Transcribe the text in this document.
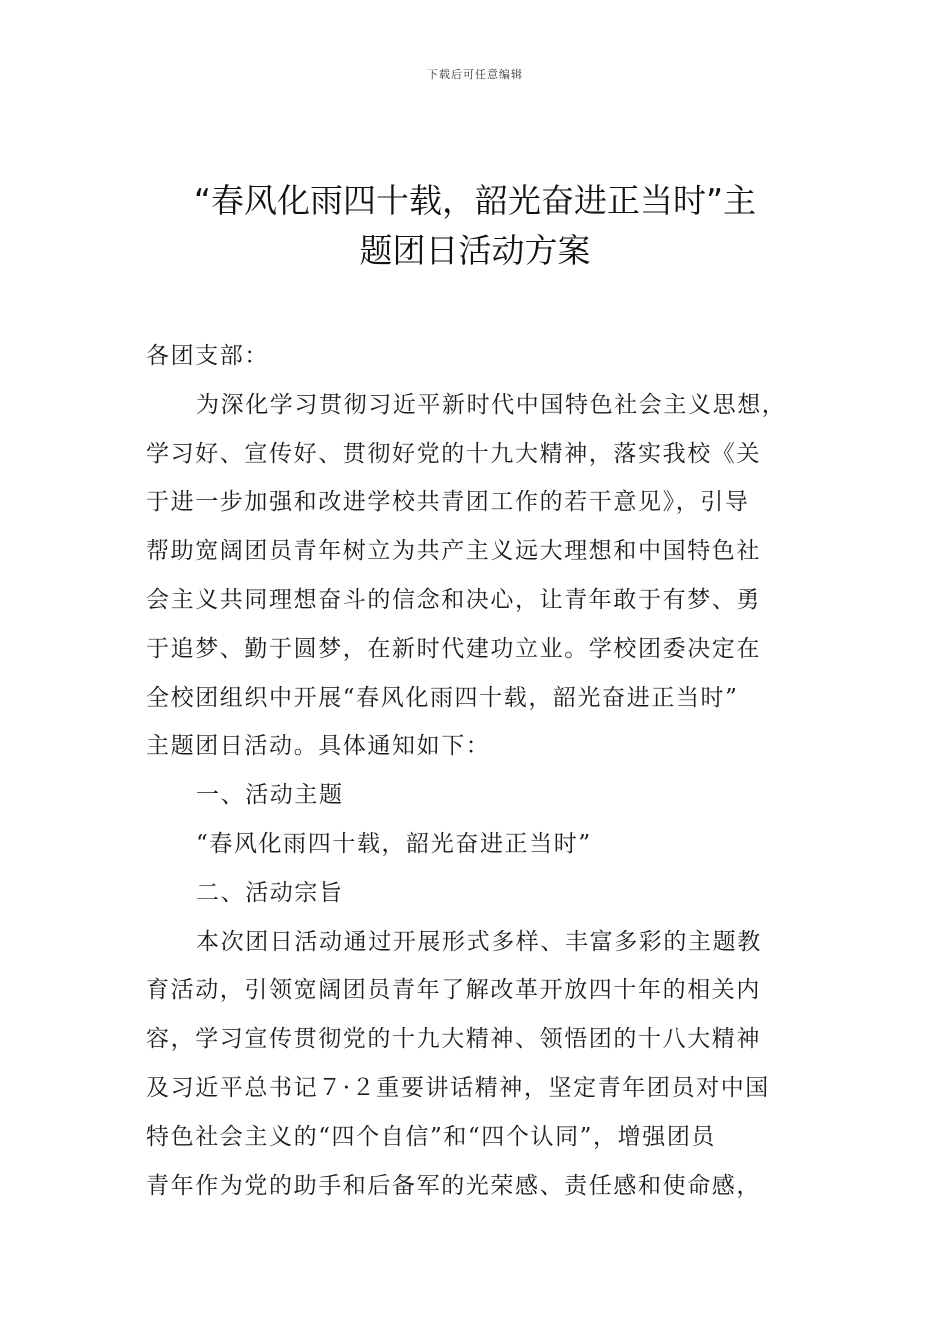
下载后可任意编辑
“春风化雨四十载，韶光奋进正当时”主
题团日活动方案
各团支部：
为深化学习贯彻习近平新时代中国特色社会主义思想，
学习好、宣传好、贯彻好党的十九大精神，落实我校《关
于进一步加强和改进学校共青团工作的若干意见》，引导
帮助宽阔团员青年树立为共产主义远大理想和中国特色社
会主义共同理想奋斗的信念和决心，让青年敢于有梦、勇
于追梦、勤于圆梦，在新时代建功立业。学校团委决定在
全校团组织中开展“春风化雨四十载，韶光奋进正当时”
主题团日活动。具体通知如下：
一、活动主题
“春风化雨四十载，韶光奋进正当时”
二、活动宗旨
本次团日活动通过开展形式多样、丰富多彩的主题教
育活动，引领宽阔团员青年了解改革开放四十年的相关内
容，学习宣传贯彻党的十九大精神、领悟团的十八大精神
及习近平总书记７·２重要讲话精神，坚定青年团员对中国
特色社会主义的“四个自信”和“四个认同”，增强团员
青年作为党的助手和后备军的光荣感、责任感和使命感，
